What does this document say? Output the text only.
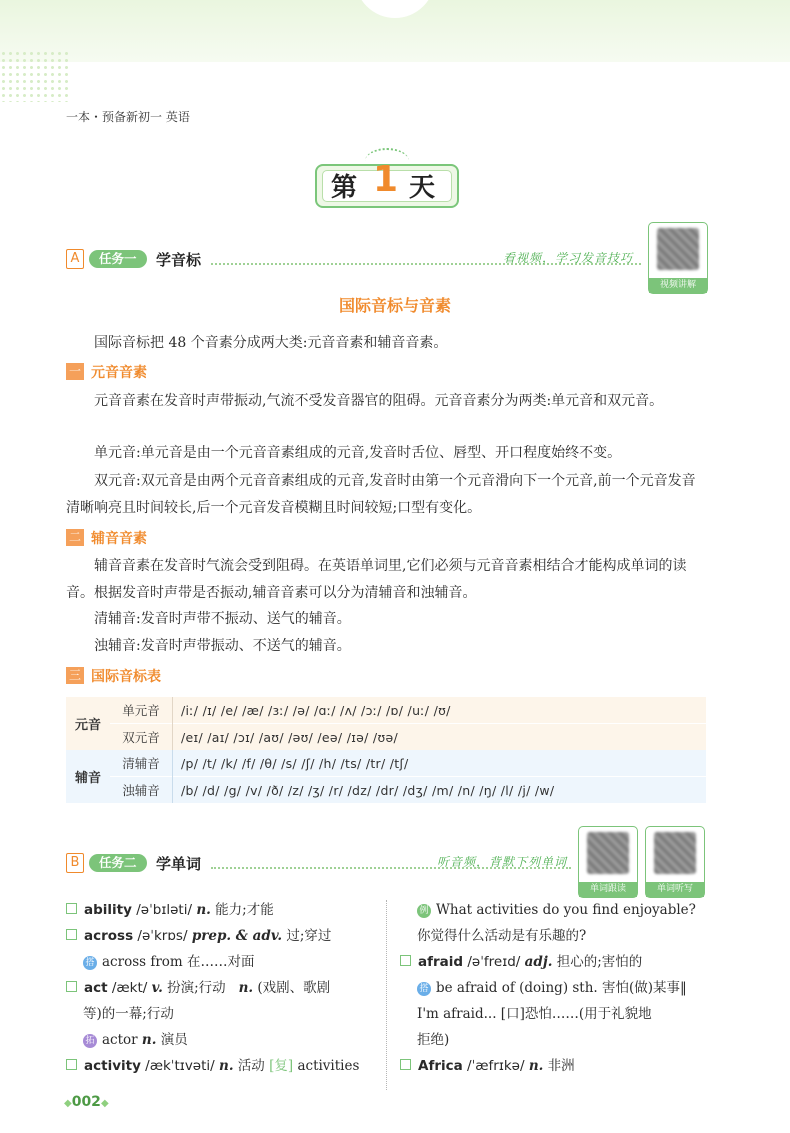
一本・预备新初一 英语
第 1 天
A	任务一	学音标	看视频，学习发音技巧
视频讲解
国际音标与音素
国际音标把 48 个音素分成两大类:元音音素和辅音音素。
一 元音音素
元音音素在发音时声带振动,气流不受发音器官的阻碍。元音音素分为两类:单元音和双元音。
单元音:单元音是由一个元音音素组成的元音,发音时舌位、唇型、开口程度始终不变。
双元音:双元音是由两个元音音素组成的元音,发音时由第一个元音滑向下一个元音,前一个元音发音清晰响亮且时间较长,后一个元音发音模糊且时间较短;口型有变化。
二 辅音音素
辅音音素在发音时气流会受到阻碍。在英语单词里,它们必须与元音音素相结合才能构成单词的读音。根据发音时声带是否振动,辅音音素可以分为清辅音和浊辅音。
清辅音:发音时声带不振动、送气的辅音。
浊辅音:发音时声带振动、不送气的辅音。
三 国际音标表
元音	单元音	/iː/ /ɪ/ /e/ /æ/ /ɜː/ /ə/ /ɑː/ /ʌ/ /ɔː/ /ɒ/ /uː/ /ʊ/
	双元音	/eɪ/ /aɪ/ /ɔɪ/ /aʊ/ /əʊ/ /eə/ /ɪə/ /ʊə/
辅音	清辅音	/p/ /t/ /k/ /f/ /θ/ /s/ /ʃ/ /h/ /ts/ /tr/ /tʃ/
	浊辅音	/b/ /d/ /g/ /v/ /ð/ /z/ /ʒ/ /r/ /dz/ /dr/ /dʒ/ /m/ /n/ /ŋ/ /l/ /j/ /w/
B	任务二	学单词	听音频，背默下列单词
单词跟读	单词听写
ability /əˈbɪləti/ n. 能力;才能
across /əˈkrɒs/ prep. & adv. 过;穿过
搭 across from 在……对面
act /ækt/ v. 扮演;行动 n. (戏剧、歌剧
等)的一幕;行动
拓 actor n. 演员
activity /ækˈtɪvəti/ n. 活动 [复] activities
例 What activities do you find enjoyable?
你觉得什么活动是有乐趣的?
afraid /əˈfreɪd/ adj. 担心的;害怕的
搭 be afraid of (doing) sth. 害怕(做)某事‖
I'm afraid... [口]恐怕……(用于礼貌地
拒绝)
Africa /ˈæfrɪkə/ n. 非洲
◆002◆
